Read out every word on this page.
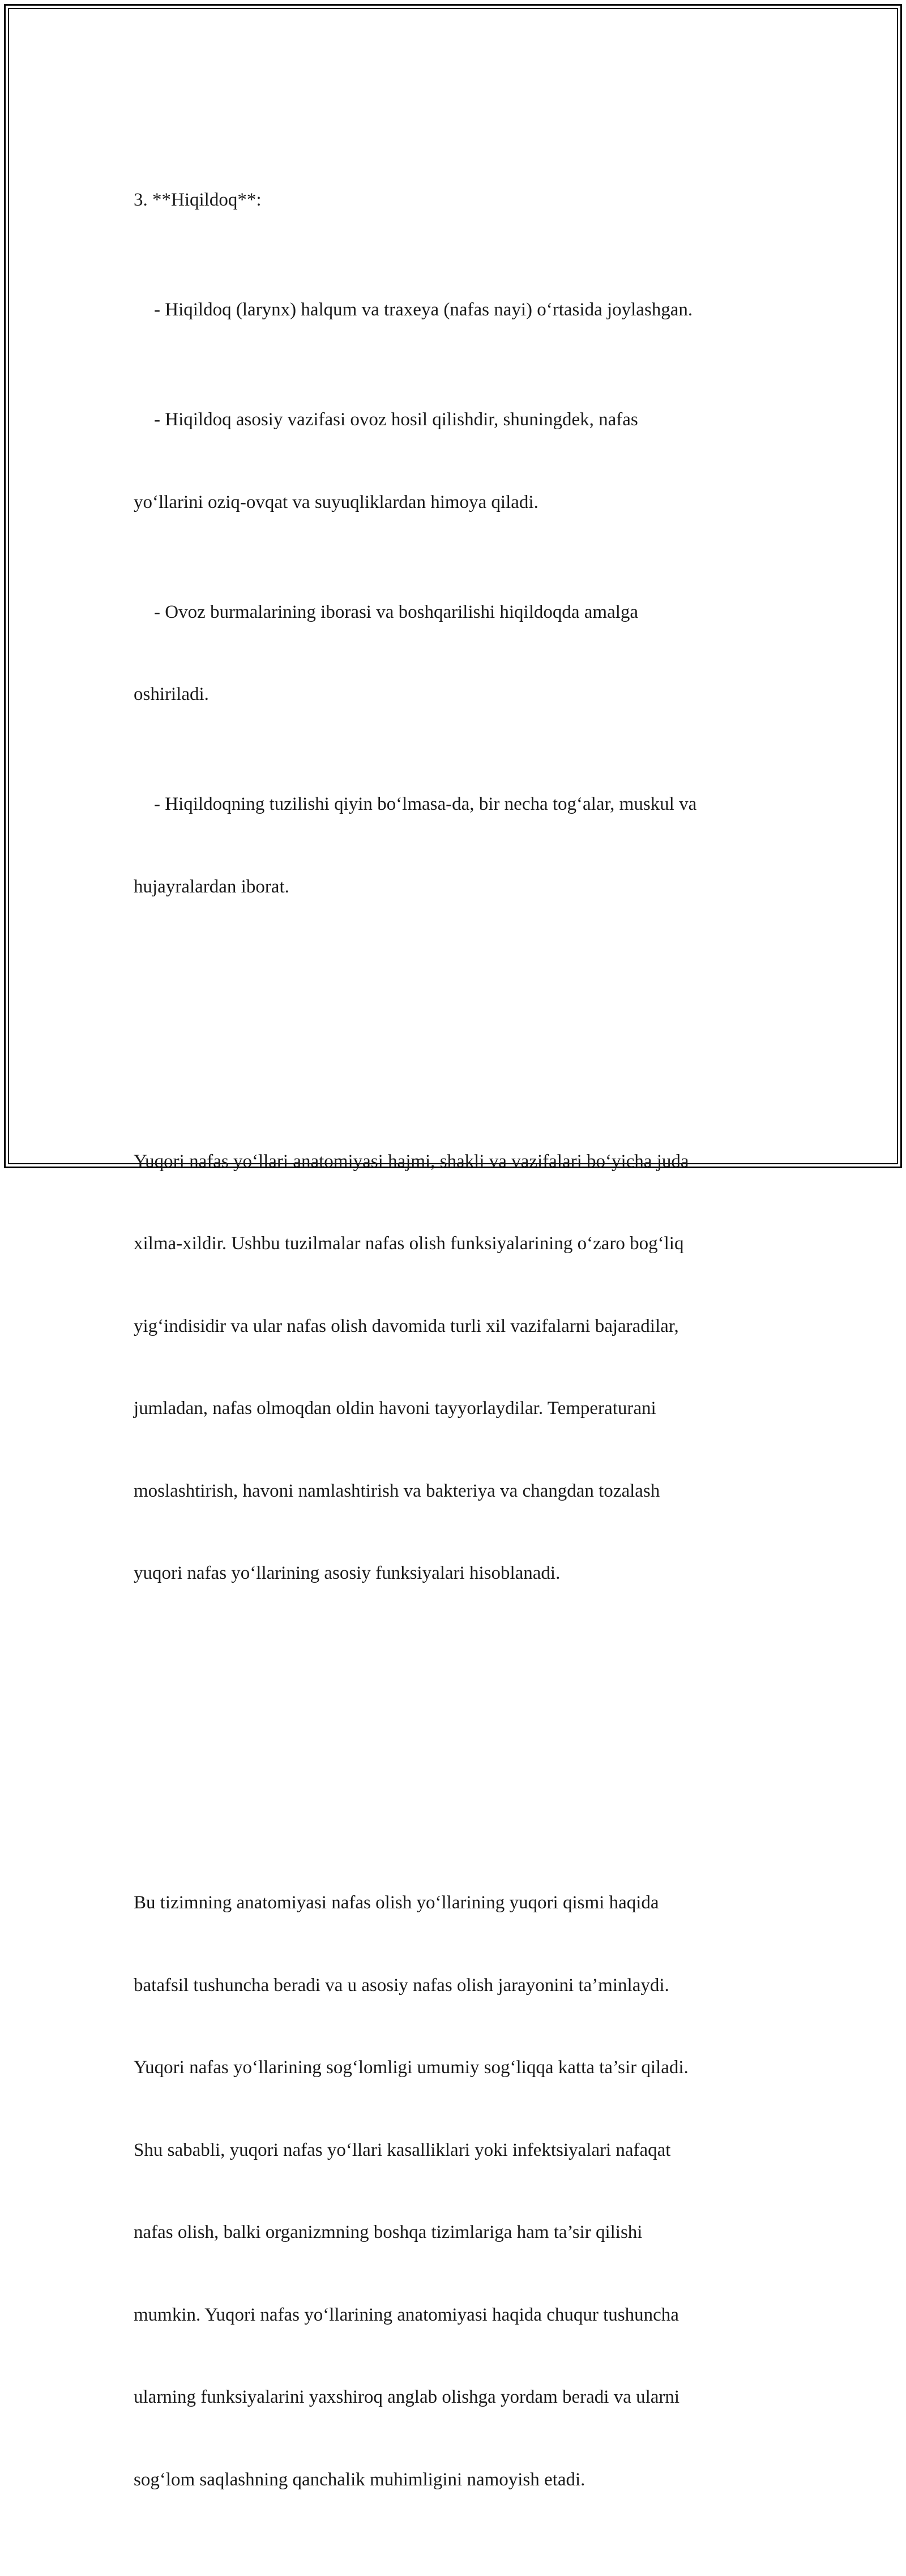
3. **Hiqildoq**:

- Hiqildoq (larynx) halqum va traxeya (nafas nayi) o‘rtasida joylashgan.

- Hiqildoq asosiy vazifasi ovoz hosil qilishdir, shuningdek, nafas

yo‘llarini oziq-ovqat va suyuqliklardan himoya qiladi.

- Ovoz burmalarining iborasi va boshqarilishi hiqildoqda amalga

oshiriladi.

- Hiqildoqning tuzilishi qiyin bo‘lmasa-da, bir necha tog‘alar, muskul va

hujayralardan iborat.

Yuqori nafas yo‘llari anatomiyasi hajmi, shakli va vazifalari bo‘yicha juda

xilma-xildir. Ushbu tuzilmalar nafas olish funksiyalarining o‘zaro bog‘liq

yig‘indisidir va ular nafas olish davomida turli xil vazifalarni bajaradilar,

jumladan, nafas olmoqdan oldin havoni tayyorlaydilar. Temperaturani

moslashtirish, havoni namlashtirish va bakteriya va changdan tozalash

yuqori nafas yo‘llarining asosiy funksiyalari hisoblanadi.

Bu tizimning anatomiyasi nafas olish yo‘llarining yuqori qismi haqida

batafsil tushuncha beradi va u asosiy nafas olish jarayonini ta’minlaydi.

Yuqori nafas yo‘llarining sog‘lomligi umumiy sog‘liqqa katta ta’sir qiladi.

Shu sababli, yuqori nafas yo‘llari kasalliklari yoki infektsiyalari nafaqat

nafas olish, balki organizmning boshqa tizimlariga ham ta’sir qilishi

mumkin. Yuqori nafas yo‘llarining anatomiyasi haqida chuqur tushuncha

ularning funksiyalarini yaxshiroq anglab olishga yordam beradi va ularni

sog‘lom saqlashning qanchalik muhimligini namoyish etadi.
